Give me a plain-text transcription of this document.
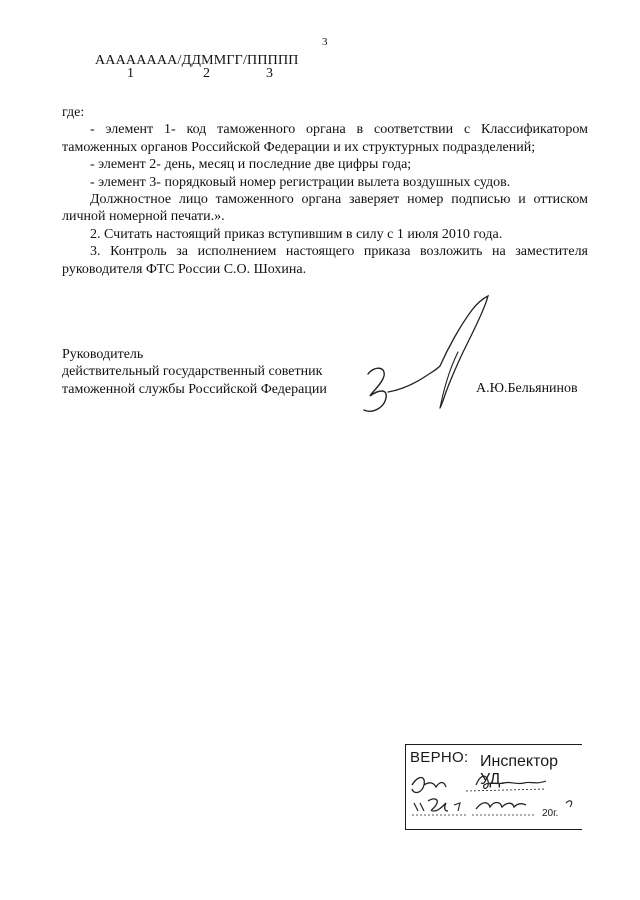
3
АААААААА/ДДММГГ/ППППП
1	2	3

где:

- элемент 1- код таможенного органа в соответствии с Классификатором таможенных органов Российской Федерации и их структурных подразделений;

- элемент 2- день, месяц и последние две цифры года;

- элемент 3- порядковый номер регистрации вылета воздушных судов.

Должностное лицо таможенного органа заверяет номер подписью и оттиском личной номерной печати.».

2. Считать настоящий приказ вступившим в силу с 1 июля 2010 года.

3. Контроль за исполнением настоящего приказа возложить на заместителя руководителя ФТС России С.О. Шохина.

Руководитель
действительный государственный советник
таможенной службы Российской Федерации	А.Ю.Бельянинов
ВЕРНО: Инспектор УД.
20г.
